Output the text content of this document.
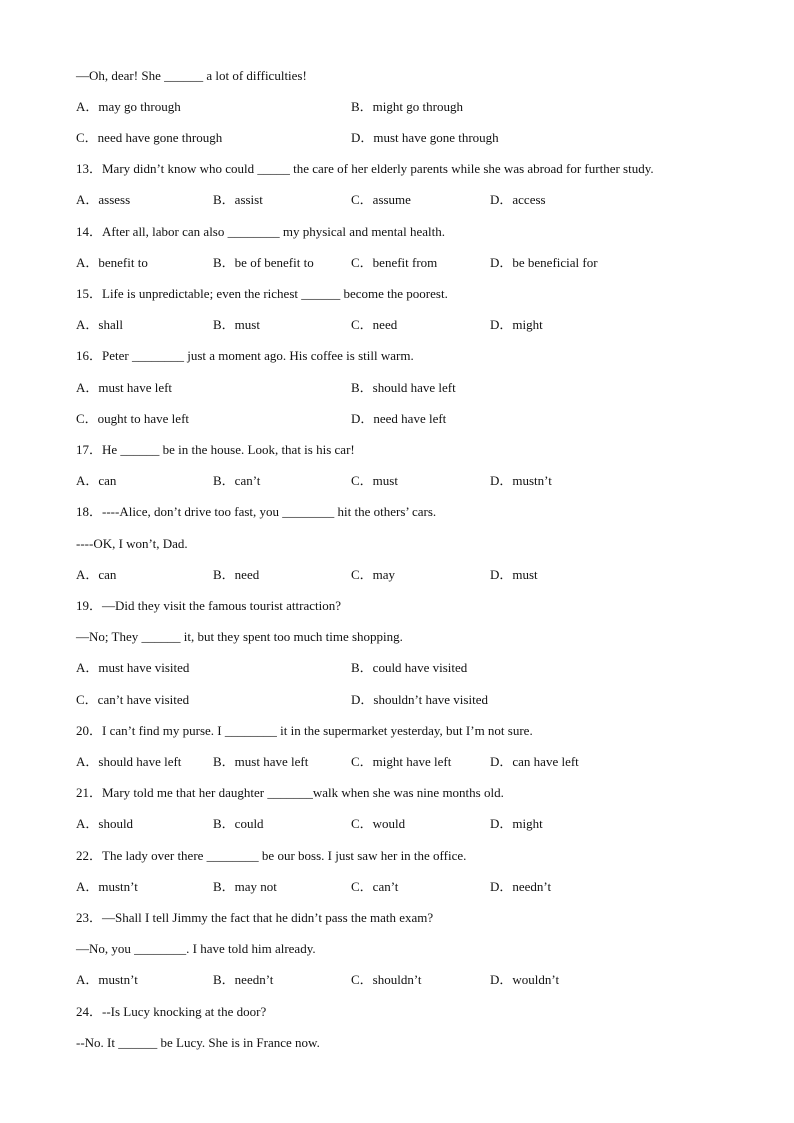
—Oh, dear! She ______ a lot of difficulties!
A．may go through	B．might go through
C．need have gone through	D．must have gone through
13．Mary didn’t know who could _____ the care of her elderly parents while she was abroad for further study.
A．assess	B．assist	C．assume	D．access
14．After all, labor can also ________ my physical and mental health.
A．benefit to	B．be of benefit to	C．benefit from	D．be beneficial for
15．Life is unpredictable; even the richest ______ become the poorest.
A．shall	B．must	C．need	D．might
16．Peter ________ just a moment ago. His coffee is still warm.
A．must have left	B．should have left
C．ought to have left	D．need have left
17．He ______ be in the house. Look, that is his car!
A．can	B．can’t	C．must	D．mustn’t
18．----Alice, don’t drive too fast, you ________ hit the others’ cars.
----OK, I won’t, Dad.
A．can	B．need	C．may	D．must
19．—Did they visit the famous tourist attraction?
—No; They ______ it, but they spent too much time shopping.
A．must have visited	B．could have visited
C．can’t have visited	D．shouldn’t have visited
20．I can’t find my purse. I ________ it in the supermarket yesterday, but I’m not sure.
A．should have left B．must have left	C．might have left	D．can have left
21．Mary told me that her daughter _______walk when she was nine months old.
A．should	B．could	C．would	D．might
22．The lady over there ________ be our boss. I just saw her in the office.
A．mustn’t	B．may not	C．can’t	D．needn’t
23．—Shall I tell Jimmy the fact that he didn’t pass the math exam?
—No, you ________. I have told him already.
A．mustn’t	B．needn’t	C．shouldn’t	D．wouldn’t
24．--Is Lucy knocking at the door?
--No. It ______ be Lucy. She is in France now.
